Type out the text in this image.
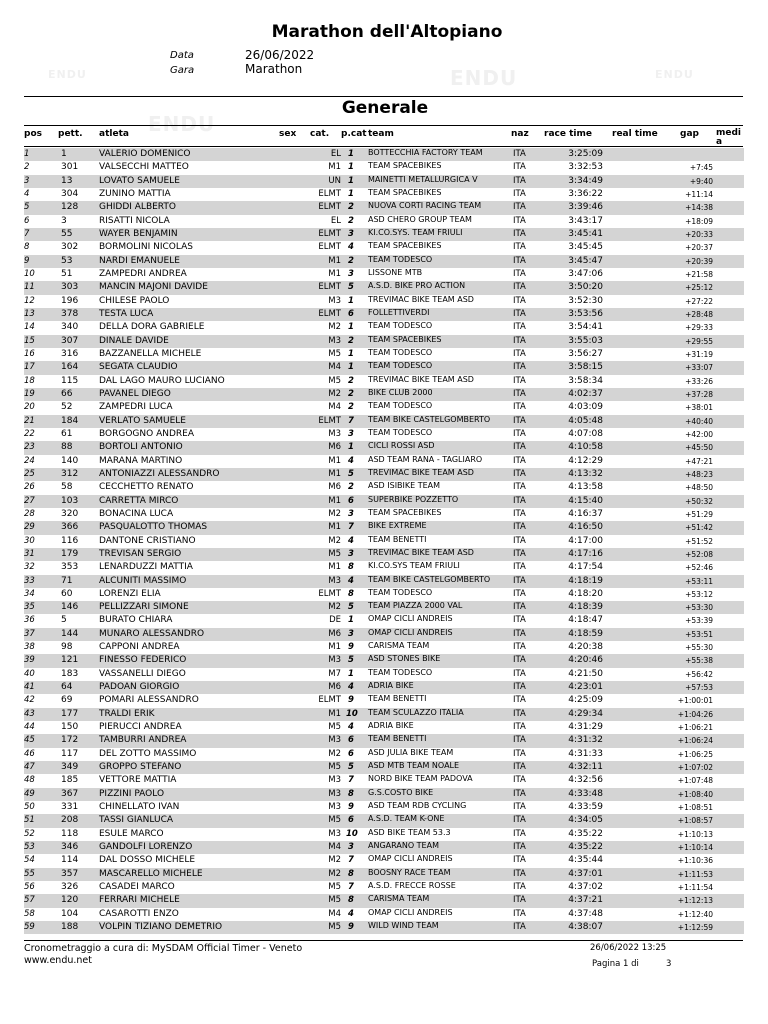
ENDU	ENDU	ENDU
ENDU
Marathon dell'Altopiano
Data	26/06/2022
Gara	Marathon
Generale
pos pett. atleta	sex cat. p.cat team	naz race time real time gap media
1	1	VALERIO DOMENICO	EL 1 BOTTECCHIA FACTORY TEAM	ITA	3:25:09
2	301 VALSECCHI MATTEO	M1 1 TEAM SPACEBIKES	ITA	3:32:53	+7:45
3	13	LOVATO SAMUELE	UN 1 MAINETTI METALLURGICA V	ITA	3:34:49	+9:40
4	304 ZUNINO MATTIA	ELMT 1 TEAM SPACEBIKES	ITA	3:36:22	+11:14
5	128 GHIDDI ALBERTO	ELMT 2 NUOVA CORTI RACING TEAM	ITA	3:39:46	+14:38
6	3	RISATTI NICOLA	EL 2 ASD CHERO GROUP TEAM	ITA	3:43:17	+18:09
7	55	WAYER BENJAMIN	ELMT 3 KI.CO.SYS. TEAM FRIULI	ITA	3:45:41	+20:33
8	302 BORMOLINI NICOLAS	ELMT 4 TEAM SPACEBIKES	ITA	3:45:45	+20:37
9	53	NARDI EMANUELE	M1 2 TEAM TODESCO	ITA	3:45:47	+20:39
10	51	ZAMPEDRI ANDREA	M1 3 LISSONE MTB	ITA	3:47:06	+21:58
11	303 MANCIN MAJONI DAVIDE	ELMT 5 A.S.D. BIKE PRO ACTION	ITA	3:50:20	+25:12
12	196 CHILESE PAOLO	M3 1 TREVIMAC BIKE TEAM ASD	ITA	3:52:30	+27:22
13	378 TESTA LUCA	ELMT 6 FOLLETTIVERDI	ITA	3:53:56	+28:48
14	340 DELLA DORA GABRIELE	M2 1 TEAM TODESCO	ITA	3:54:41	+29:33
15	307 DINALE DAVIDE	M3 2 TEAM SPACEBIKES	ITA	3:55:03	+29:55
16	316 BAZZANELLA MICHELE	M5 1 TEAM TODESCO	ITA	3:56:27	+31:19
17	164 SEGATA CLAUDIO	M4 1 TEAM TODESCO	ITA	3:58:15	+33:07
18	115 DAL LAGO MAURO LUCIANO	M5 2 TREVIMAC BIKE TEAM ASD	ITA	3:58:34	+33:26
19	66	PAVANEL DIEGO	M2 2 BIKE CLUB 2000	ITA	4:02:37	+37:28
20	52	ZAMPEDRI LUCA	M4 2 TEAM TODESCO	ITA	4:03:09	+38:01
21	184 VERLATO SAMUELE	ELMT 7 TEAM BIKE CASTELGOMBERTO	ITA	4:05:48	+40:40
22	61	BORGOGNO ANDREA	M3 3 TEAM TODESCO	ITA	4:07:08	+42:00
23	88	BORTOLI ANTONIO	M6 1 CICLI ROSSI ASD	ITA	4:10:58	+45:50
24	140 MARANA MARTINO	M1 4 ASD TEAM RANA - TAGLIARO	ITA	4:12:29	+47:21
25	312 ANTONIAZZI ALESSANDRO	M1 5 TREVIMAC BIKE TEAM ASD	ITA	4:13:32	+48:23
26	58	CECCHETTO RENATO	M6 2 ASD ISIBIKE TEAM	ITA	4:13:58	+48:50
27	103 CARRETTA MIRCO	M1 6 SUPERBIKE POZZETTO	ITA	4:15:40	+50:32
28	320 BONACINA LUCA	M2 3 TEAM SPACEBIKES	ITA	4:16:37	+51:29
29	366 PASQUALOTTO THOMAS	M1 7 BIKE EXTREME	ITA	4:16:50	+51:42
30	116 DANTONE CRISTIANO	M2 4 TEAM BENETTI	ITA	4:17:00	+51:52
31	179 TREVISAN SERGIO	M5 3 TREVIMAC BIKE TEAM ASD	ITA	4:17:16	+52:08
32	353 LENARDUZZI MATTIA	M1 8 KI.CO.SYS TEAM FRIULI	ITA	4:17:54	+52:46
33	71	ALCUNITI MASSIMO	M3 4 TEAM BIKE CASTELGOMBERTO	ITA	4:18:19	+53:11
34	60	LORENZI ELIA	ELMT 8 TEAM TODESCO	ITA	4:18:20	+53:12
35	146 PELLIZZARI SIMONE	M2 5 TEAM PIAZZA 2000 VAL	ITA	4:18:39	+53:30
36	5	BURATO CHIARA	DE 1 OMAP CICLI ANDREIS	ITA	4:18:47	+53:39
37	144 MUNARO ALESSANDRO	M6 3 OMAP CICLI ANDREIS	ITA	4:18:59	+53:51
38	98	CAPPONI ANDREA	M1 9 CARISMA TEAM	ITA	4:20:38	+55:30
39	121 FINESSO FEDERICO	M3 5 ASD STONES BIKE	ITA	4:20:46	+55:38
40	183 VASSANELLI DIEGO	M7 1 TEAM TODESCO	ITA	4:21:50	+56:42
41	64	PADOAN GIORGIO	M6 4 ADRIA BIKE	ITA	4:23:01	+57:53
42	69	POMARI ALESSANDRO	ELMT 9 TEAM BENETTI	ITA	4:25:09	+1:00:01
43	177 TRALDI ERIK	M1 10 TEAM SCULAZZO ITALIA	ITA	4:29:34	+1:04:26
44	150 PIERUCCI ANDREA	M5 4 ADRIA BIKE	ITA	4:31:29	+1:06:21
45	172 TAMBURRI ANDREA	M3 6 TEAM BENETTI	ITA	4:31:32	+1:06:24
46	117 DEL ZOTTO MASSIMO	M2 6 ASD JULIA BIKE TEAM	ITA	4:31:33	+1:06:25
47	349 GROPPO STEFANO	M5 5 ASD MTB TEAM NOALE	ITA	4:32:11	+1:07:02
48	185 VETTORE MATTIA	M3 7 NORD BIKE TEAM PADOVA	ITA	4:32:56	+1:07:48
49	367 PIZZINI PAOLO	M3 8 G.S.COSTO BIKE	ITA	4:33:48	+1:08:40
50	331 CHINELLATO IVAN	M3 9 ASD TEAM RDB CYCLING	ITA	4:33:59	+1:08:51
51	208 TASSI GIANLUCA	M5 6 A.S.D. TEAM K-ONE	ITA	4:34:05	+1:08:57
52	118 ESULE MARCO	M3 10 ASD BIKE TEAM 53.3	ITA	4:35:22	+1:10:13
53	346 GANDOLFI LORENZO	M4 3 ANGARANO TEAM	ITA	4:35:22	+1:10:14
54	114 DAL DOSSO MICHELE	M2 7 OMAP CICLI ANDREIS	ITA	4:35:44	+1:10:36
55	357 MASCARELLO MICHELE	M2 8 BOOSNY RACE TEAM	ITA	4:37:01	+1:11:53
56	326 CASADEI MARCO	M5 7 A.S.D. FRECCE ROSSE	ITA	4:37:02	+1:11:54
57	120 FERRARI MICHELE	M5 8 CARISMA TEAM	ITA	4:37:21	+1:12:13
58	104 CASAROTTI ENZO	M4 4 OMAP CICLI ANDREIS	ITA	4:37:48	+1:12:40
59	188 VOLPIN TIZIANO DEMETRIO	M5 9 WILD WIND TEAM	ITA	4:38:07	+1:12:59
Cronometraggio a cura di: MySDAM Official Timer - Veneto
www.endu.net
26/06/2022 13:25
Pagina 1 di	3
